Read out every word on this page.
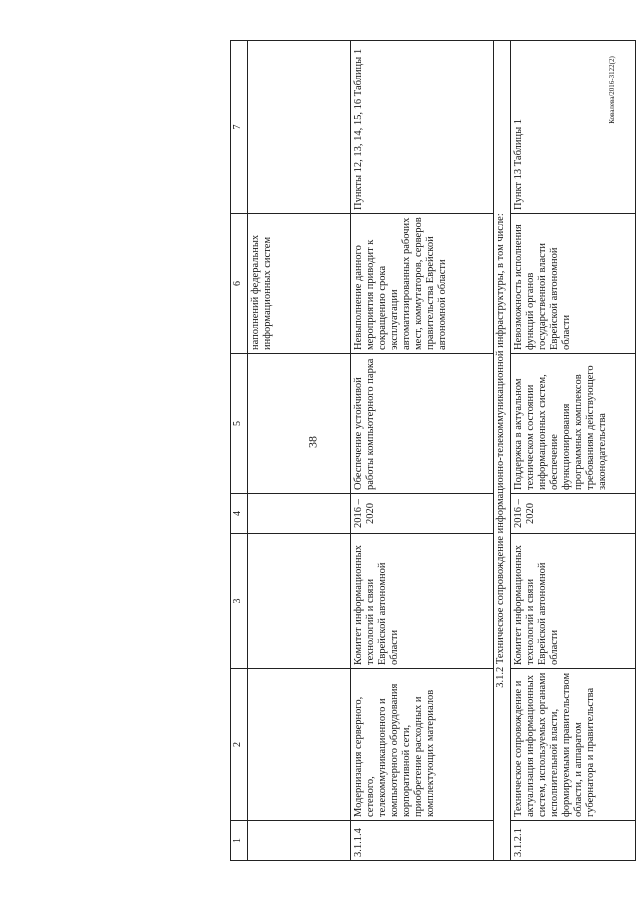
38
Ковалева/2016-3122(2)
1	2	3	4	5	6	7
					наполнений федеральных информационных систем	
3.1.1.4	Модернизация серверного, сетевого, телекоммуникационного и компьютерного оборудования корпоративной сети, приобретение расходных и комплектующих материалов	Комитет информационных технологий и связи Еврейской автономной области	2016 – 2020	Обеспечение устойчивой работы компьютерного парка	Невыполнение данного мероприятия приводит к сокращению срока эксплуатации автоматизированных рабочих мест, коммутаторов, серверов правительства Еврейской автономной области	Пункты 12, 13, 14, 15, 16 Таблицы 1
3.1.2 Техническое сопровождение информационно-телекоммуникационной инфраструктуры, в том числе:						
3.1.2.1	Техническое сопровождение и актуализация информационных систем, используемых органами исполнительной власти, формируемыми правительством области, и аппаратом губернатора и правительства	Комитет информационных технологий и связи Еврейской автономной области	2016 – 2020	Поддержка в актуальном техническом состоянии информационных систем, обеспечение функционирования программных комплексов требованиям действующего законодательства	Невозможность исполнения функций органов государственной власти Еврейской автономной области	Пункт 13 Таблицы 1
